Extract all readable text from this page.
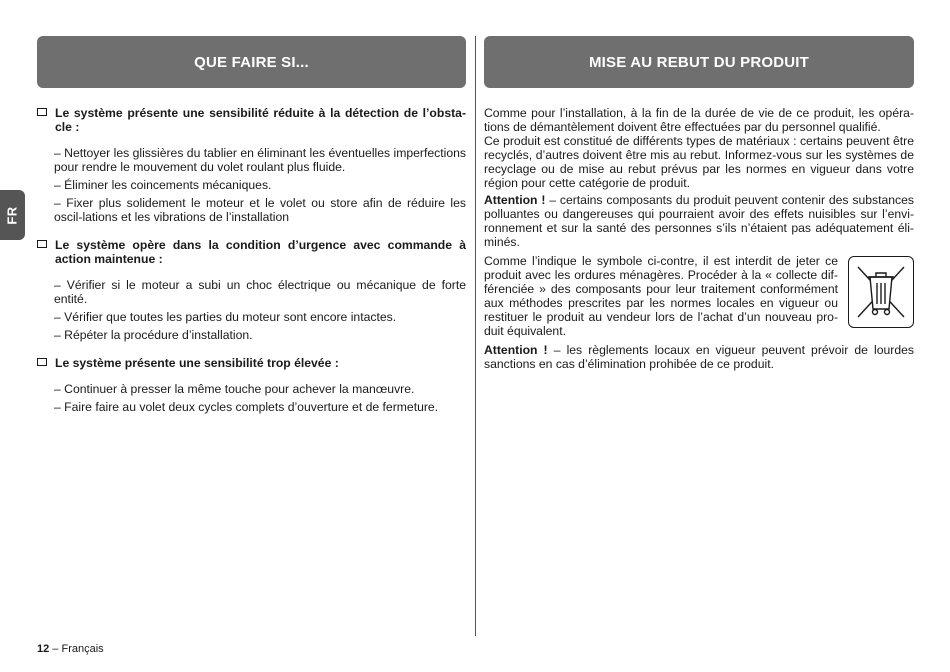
QUE FAIRE SI...	MISE AU REBUT DU PRODUIT
FR
Le système présente une sensibilité réduite à la détection de l’obsta-cle :

– Nettoyer les glissières du tablier en éliminant les éventuelles imperfections pour rendre le mouvement du volet roulant plus fluide.

– Éliminer les coincements mécaniques.

– Fixer plus solidement le moteur et le volet ou store afin de réduire les oscil-lations et les vibrations de l’installation

Le système opère dans la condition d’urgence avec commande à action maintenue :

– Vérifier si le moteur a subi un choc électrique ou mécanique de forte entité.

– Vérifier que toutes les parties du moteur sont encore intactes.

– Répéter la procédure d’installation.

Le système présente une sensibilité trop élevée :

– Continuer à presser la même touche pour achever la manœuvre.

– Faire faire au volet deux cycles complets d’ouverture et de fermeture.

Comme pour l’installation, à la fin de la durée de vie de ce produit, les opéra-tions de démantèlement doivent être effectuées par du personnel qualifié.

Ce produit est constitué de différents types de matériaux : certains peuvent être recyclés, d’autres doivent être mis au rebut. Informez-vous sur les systèmes de recyclage ou de mise au rebut prévus par les normes en vigueur dans votre région pour cette catégorie de produit.

Attention ! – certains composants du produit peuvent contenir des substances polluantes ou dangereuses qui pourraient avoir des effets nuisibles sur l’envi-ronnement et sur la santé des personnes s’ils n’étaient pas adéquatement éli-minés.

Comme l’indique le symbole ci-contre, il est interdit de jeter ce produit avec les ordures ménagères. Procéder à la « collecte dif-férenciée » des composants pour leur traitement conformément aux méthodes prescrites par les normes locales en vigueur ou restituer le produit au vendeur lors de l’achat d’un nouveau pro-duit équivalent.

Attention ! – les règlements locaux en vigueur peuvent prévoir de lourdes sanctions en cas d’élimination prohibée de ce produit.

12 – Français
